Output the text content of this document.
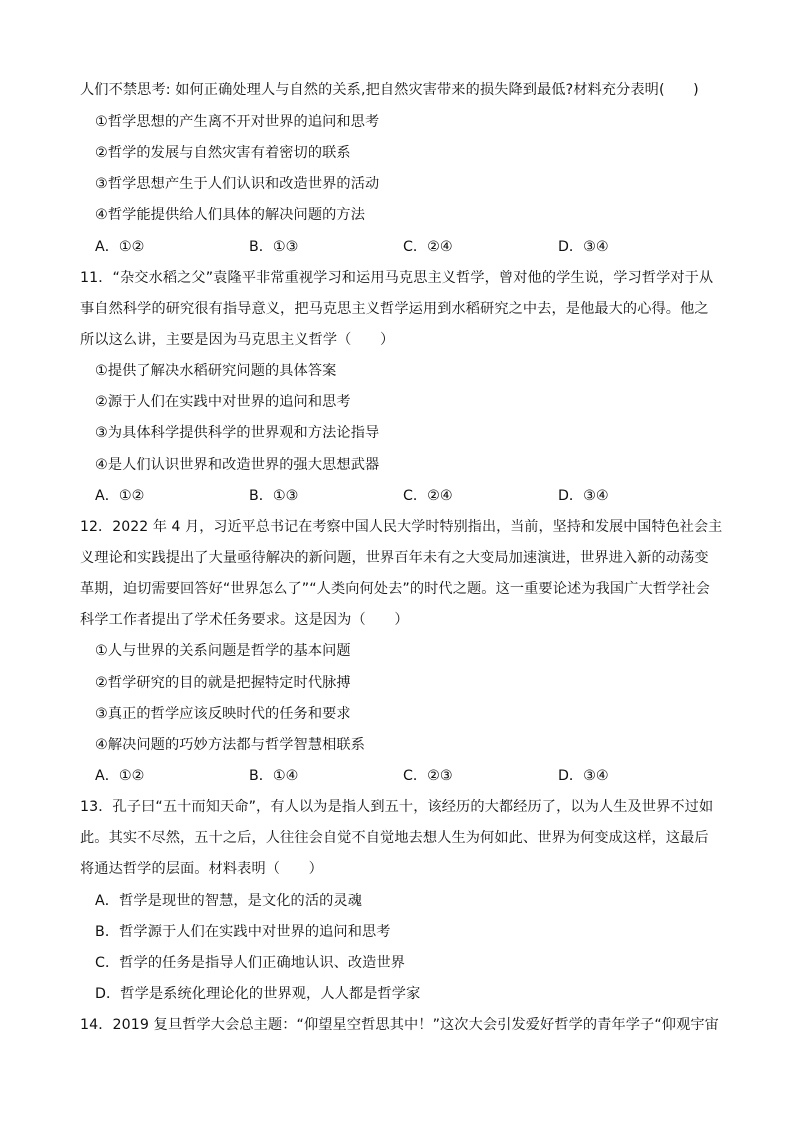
人们不禁思考: 如何正确处理人与自然的关系,把自然灾害带来的损失降到最低?材料充分表明(　　)
①哲学思想的产生离不开对世界的追问和思考
②哲学的发展与自然灾害有着密切的联系
③哲学思想产生于人们认识和改造世界的活动
④哲学能提供给人们具体的解决问题的方法
A．①②	B．①③	C．②④	D．③④
11．“杂交水稻之父”袁隆平非常重视学习和运用马克思主义哲学，曾对他的学生说，学习哲学对于从
事自然科学的研究很有指导意义，把马克思主义哲学运用到水稻研究之中去，是他最大的心得。他之
所以这么讲，主要是因为马克思主义哲学（　　）
①提供了解决水稻研究问题的具体答案
②源于人们在实践中对世界的追问和思考
③为具体科学提供科学的世界观和方法论指导
④是人们认识世界和改造世界的强大思想武器
A．①②	B．①③	C．②④	D．③④
12．2022 年 4 月，习近平总书记在考察中国人民大学时特别指出，当前，坚持和发展中国特色社会主
义理论和实践提出了大量亟待解决的新问题，世界百年未有之大变局加速演进，世界进入新的动荡变
革期，迫切需要回答好“世界怎么了”“人类向何处去”的时代之题。这一重要论述为我国广大哲学社会
科学工作者提出了学术任务要求。这是因为（　　）
①人与世界的关系问题是哲学的基本问题
②哲学研究的目的就是把握特定时代脉搏
③真正的哲学应该反映时代的任务和要求
④解决问题的巧妙方法都与哲学智慧相联系
A．①②	B．①④	C．②③	D．③④
13．孔子曰“五十而知天命”，有人以为是指人到五十，该经历的大都经历了，以为人生及世界不过如
此。其实不尽然，五十之后，人往往会自觉不自觉地去想人生为何如此、世界为何变成这样，这最后
将通达哲学的层面。材料表明（　　）
A．哲学是现世的智慧，是文化的活的灵魂
B．哲学源于人们在实践中对世界的追问和思考
C．哲学的任务是指导人们正确地认识、改造世界
D．哲学是系统化理论化的世界观，人人都是哲学家
14．2019 复旦哲学大会总主题：“仰望星空哲思其中！”这次大会引发爱好哲学的青年学子“仰观宇宙
